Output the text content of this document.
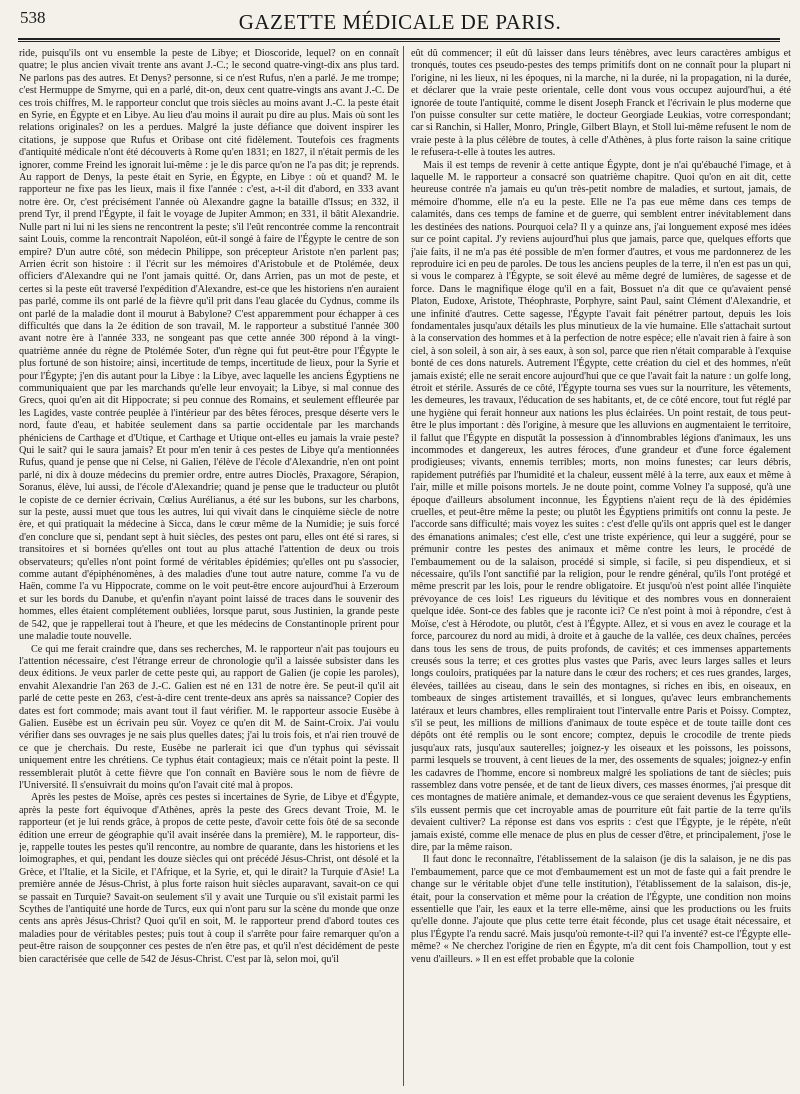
538	GAZETTE MÉDICALE DE PARIS.

ride, puisqu'ils ont vu ensemble la peste de Libye; et Dioscoride, lequel? on en connaît quatre; le plus ancien vivait trente ans avant J.-C.; le second quatre-vingt-dix ans plus tard. Ne parlons pas des autres. Et Denys? personne, si ce n'est Rufus, n'en a parlé. Je me trompe; c'est Hermuppe de Smyrne, qui en a parlé, dit-on, deux cent quatre-vingts ans avant J.-C. De ces trois chiffres, M. le rapporteur conclut que trois siècles au moins avant J.-C. la peste était en Syrie, en Égypte et en Libye. Au lieu d'au moins il aurait pu dire au plus. Mais où sont les relations originales? on les a perdues. Malgré la juste défiance que doivent inspirer les citations, je suppose que Rufus et Oribase ont cité fidèlement. Toutefois ces fragments d'antiquité médicale n'ont été découverts à Rome qu'en 1831; en 1827, il n'était permis de les ignorer, comme Freind les ignorait lui-même : je le dis parce qu'on ne l'a pas dit; je reprends. Au rapport de Denys, la peste était en Syrie, en Égypte, en Libye : où et quand? M. le rapporteur ne fixe pas les lieux, mais il fixe l'année : c'est, a-t-il dit d'abord, en 333 avant notre ère. Or, c'est précisément l'année où Alexandre gagne la bataille d'Issus; en 332, il prend Tyr, il prend l'Égypte, il fait le voyage de Jupiter Ammon; en 331, il bâtit Alexandrie. Nulle part ni lui ni les siens ne rencontrent la peste; s'il l'eût rencontrée comme la rencontrait saint Louis, comme la rencontrait Napoléon, eût-il songé à faire de l'Égypte le centre de son empire? D'un autre côté, son médecin Philippe, son précepteur Aristote n'en parlent pas; Arrien écrit son histoire : il l'écrit sur les mémoires d'Aristobule et de Ptolémée, deux officiers d'Alexandre qui ne l'ont jamais quitté. Or, dans Arrien, pas un mot de peste, et certes si la peste eût traversé l'expédition d'Alexandre, est-ce que les historiens n'en auraient pas parlé, comme ils ont parlé de la fièvre qu'il prit dans l'eau glacée du Cydnus, comme ils ont parlé de la maladie dont il mourut à Babylone? C'est apparemment pour échapper à ces difficultés que dans la 2e édition de son travail, M. le rapporteur a substitué l'année 300 avant notre ère à l'année 333, ne songeant pas que cette année 300 répond à la vingt-quatrième année du règne de Ptolémée Soter, d'un règne qui fut peut-être pour l'Égypte le plus fortuné de son histoire; ainsi, incertitude de temps, incertitude de lieux, pour la Syrie et pour l'Égypte; j'en dis autant pour la Libye : la Libye, avec laquelle les anciens Égyptiens ne communiquaient que par les marchands qu'elle leur envoyait; la Libye, si mal connue des Grecs, quoi qu'en ait dit Hippocrate; si peu connue des Romains, et seulement effleurée par les Lagides, vaste contrée peuplée à l'intérieur par des bêtes féroces, presque déserte vers le nord, faute d'eau, et habitée seulement dans sa partie occidentale par les marchands phéniciens de Carthage et d'Utique, et Carthage et Utique ont-elles eu jamais la vraie peste? Qui le sait? qui le saura jamais? Et pour m'en tenir à ces pestes de Libye qu'a mentionnées Rufus, quand je pense que ni Celse, ni Galien, l'élève de l'école d'Alexandrie, n'en ont point parlé, ni dix à douze médecins du premier ordre, entre autres Dioclès, Praxagore, Sérapion, Soranus, élève, lui aussi, de l'école d'Alexandrie; quand je pense que le traducteur ou plutôt le copiste de ce dernier écrivain, Cœlius Aurélianus, a été sur les bubons, sur les charbons, sur la peste, aussi muet que tous les autres, lui qui vivait dans le cinquième siècle de notre ère, et qui pratiquait la médecine à Sicca, dans le cœur même de la Numidie; je suis forcé d'en conclure que si, pendant sept à huit siècles, des pestes ont paru, elles ont été si rares, si transitoires et si bornées qu'elles ont tout au plus attaché l'attention de deux ou trois observateurs; qu'elles n'ont point formé de véritables épidémies; qu'elles ont pu s'associer, comme autant d'épiphénomènes, à des maladies d'une tout autre nature, comme l'a vu de Haën, comme l'a vu Hippocrate, comme on le voit peut-être encore aujourd'hui à Erzeroum et sur les bords du Danube, et qu'enfin n'ayant point laissé de traces dans le souvenir des hommes, elles étaient complétement oubliées, lorsque parut, sous Justinien, la grande peste de 542, que je rappellerai tout à l'heure, et que les médecins de Constantinople prirent pour une maladie toute nouvelle.

Ce qui me ferait craindre que, dans ses recherches, M. le rapporteur n'ait pas toujours eu l'attention nécessaire, c'est l'étrange erreur de chronologie qu'il a laissée subsister dans les deux éditions. Je veux parler de cette peste qui, au rapport de Galien (je copie les paroles), envahit Alexandrie l'an 263 de J.-C. Galien est né en 131 de notre ère. Se peut-il qu'il ait parlé de cette peste en 263, c'est-à-dire cent trente-deux ans après sa naissance? Copier des dates est fort commode; mais avant tout il faut vérifier. M. le rapporteur associe Eusèbe à Galien. Eusèbe est un écrivain peu sûr. Voyez ce qu'en dit M. de Saint-Croix. J'ai voulu vérifier dans ses ouvrages je ne sais plus quelles dates; j'ai lu trois fois, et n'ai rien trouvé de ce que je cherchais. Du reste, Eusèbe ne parlerait ici que d'un typhus qui sévissait uniquement entre les chrétiens. Ce typhus était contagieux; mais ce n'était point la peste. Il ressemblerait plutôt à cette fièvre que l'on connaît en Bavière sous le nom de fièvre de l'Université. Il s'ensuivrait du moins qu'on l'avait cité mal à propos.

Après les pestes de Moïse, après ces pestes si incertaines de Syrie, de Libye et d'Égypte, après la peste fort équivoque d'Athènes, après la peste des Grecs devant Troie, M. le rapporteur (et je lui rends grâce, à propos de cette peste, d'avoir cette fois ôté de sa seconde édition une erreur de géographie qu'il avait insérée dans la première), M. le rapporteur, dis-je, rappelle toutes les pestes qu'il rencontre, au nombre de quarante, dans les historiens et les loimographes, et qui, pendant les douze siècles qui ont précédé Jésus-Christ, ont désolé et la Grèce, et l'Italie, et la Sicile, et l'Afrique, et la Syrie, et, qui le dirait? la Turquie d'Asie! La première année de Jésus-Christ, à plus forte raison huit siècles auparavant, savait-on ce qui se passait en Turquie? Savait-on seulement s'il y avait une Turquie ou s'il existait parmi les Scythes de l'antiquité une horde de Turcs, eux qui n'ont paru sur la scène du monde que onze cents ans après Jésus-Christ? Quoi qu'il en soit, M. le rapporteur prend d'abord toutes ces maladies pour de véritables pestes; puis tout à coup il s'arrête pour faire remarquer qu'on a peut-être raison de soupçonner ces pestes de n'en être pas, et qu'il n'est décidément de peste bien caractérisée que celle de 542 de Jésus-Christ. C'est par là, selon moi, qu'il

eût dû commencer; il eût dû laisser dans leurs ténèbres, avec leurs caractères ambigus et tronqués, toutes ces pseudo-pestes des temps primitifs dont on ne connaît pour la plupart ni l'origine, ni les lieux, ni les époques, ni la marche, ni la durée, ni la propagation, ni la durée, et déclarer que la vraie peste orientale, celle dont vous vous occupez aujourd'hui, a été ignorée de toute l'antiquité, comme le disent Joseph Franck et l'écrivain le plus moderne que l'on puisse consulter sur cette matière, le docteur Georgiade Leukias, votre correspondant; car si Ranchin, si Haller, Monro, Pringle, Gilbert Blayn, et Stoll lui-même refusent le nom de vraie peste à la plus célèbre de toutes, à celle d'Athènes, à plus forte raison la saine critique le refusera-t-elle à toutes les autres.

Mais il est temps de revenir à cette antique Égypte, dont je n'ai qu'ébauché l'image, et à laquelle M. le rapporteur a consacré son quatrième chapitre. Quoi qu'on en ait dit, cette heureuse contrée n'a jamais eu qu'un très-petit nombre de maladies, et surtout, jamais, de mémoire d'homme, elle n'a eu la peste. Elle ne l'a pas eue même dans ces temps de calamités, dans ces temps de famine et de guerre, qui semblent entrer inévitablement dans les destinées des nations. Pourquoi cela? Il y a quinze ans, j'ai longuement exposé mes idées sur ce point capital. J'y reviens aujourd'hui plus que jamais, parce que, quelques efforts que j'aie faits, il ne m'a pas été possible de m'en former d'autres, et vous me pardonnerez de les reproduire ici en peu de paroles. De tous les anciens peuples de la terre, il n'en est pas un qui, si vous le comparez à l'Égypte, se soit élevé au même degré de lumières, de sagesse et de force. Dans le magnifique éloge qu'il en a fait, Bossuet n'a dit que ce qu'avaient pensé Platon, Eudoxe, Aristote, Théophraste, Porphyre, saint Paul, saint Clément d'Alexandrie, et une infinité d'autres. Cette sagesse, l'Égypte l'avait fait pénétrer partout, depuis les lois fondamentales jusqu'aux détails les plus minutieux de la vie humaine. Elle s'attachait surtout à la conservation des hommes et à la perfection de notre espèce; elle n'avait rien à faire à son ciel, à son soleil, à son air, à ses eaux, à son sol, parce que rien n'était comparable à l'exquise bonté de ces dons naturels. Autrement l'Égypte, cette création du ciel et des hommes, n'eût jamais existé; elle ne serait encore aujourd'hui que ce que l'avait fait la nature : un golfe long, étroit et stérile. Assurés de ce côté, l'Égypte tourna ses vues sur la nourriture, les vêtements, les demeures, les travaux, l'éducation de ses habitants, et, de ce côté encore, tout fut réglé par une hygiène qui ferait honneur aux nations les plus éclairées. Un point restait, de tous peut-être le plus important : dès l'origine, à mesure que les alluvions en augmentaient le territoire, il fallut que l'Égypte en disputât la possession à d'innombrables légions d'animaux, les uns incommodes et dangereux, les autres féroces, d'une grandeur et d'une force également prodigieuses; vivants, ennemis terribles; morts, non moins funestes; car leurs débris, rapidement putréfiés par l'humidité et la chaleur, eussent mêlé à la terre, aux eaux et même à l'air, mille et mille poisons mortels. Je ne doute point, comme Volney l'a supposé, qu'à une époque d'ailleurs absolument inconnue, les Égyptiens n'aient reçu de là des épidémies cruelles, et peut-être même la peste; ou plutôt les Égyptiens primitifs ont connu la peste. Je l'accorde sans difficulté; mais voyez les suites : c'est d'elle qu'ils ont appris quel est le danger des émanations animales; c'est elle, c'est une triste expérience, qui leur a suggéré, pour se prémunir contre les pestes des animaux et même contre les leurs, le procédé de l'embaumement ou de la salaison, procédé si simple, si facile, si peu dispendieux, et si nécessaire, qu'ils l'ont sanctifié par la religion, pour le rendre général, qu'ils l'ont protégé et même prescrit par les lois, pour le rendre obligatoire. Et jusqu'où n'est point allée l'inquiète prévoyance de ces lois! Les rigueurs du lévitique et des nombres vous en donneraient quelque idée. Sont-ce des fables que je raconte ici? Ce n'est point à moi à répondre, c'est à Moïse, c'est à Hérodote, ou plutôt, c'est à l'Égypte. Allez, et si vous en avez le courage et la force, parcourez du nord au midi, à droite et à gauche de la vallée, ces deux chaînes, percées dans tous les sens de trous, de puits profonds, de cavités; et ces immenses appartements creusés sous la terre; et ces grottes plus vastes que Paris, avec leurs larges salles et leurs longs couloirs, pratiquées par la nature dans le cœur des rochers; et ces rues grandes, larges, élevées, taillées au ciseau, dans le sein des montagnes, si riches en ibis, en oiseaux, en tombeaux de singes artistement travaillés, et si longues, qu'avec leurs embranchements latéraux et leurs chambres, elles rempliraient tout l'intervalle entre Paris et Poissy. Comptez, s'il se peut, les millions de millions d'animaux de toute espèce et de toute taille dont ces dépôts ont été remplis ou le sont encore; comptez, depuis le crocodile de trente pieds jusqu'aux rats, jusqu'aux sauterelles; joignez-y les oiseaux et les poissons, les poissons, parmi lesquels se trouvent, à cent lieues de la mer, des ossements de squales; joignez-y enfin les cadavres de l'homme, encore si nombreux malgré les spoliations de tant de siècles; puis rassemblez dans votre pensée, et de tant de lieux divers, ces masses énormes, j'ai presque dit ces montagnes de matière animale, et demandez-vous ce que seraient devenus les Égyptiens, s'ils eussent permis que cet incroyable amas de pourriture eût fait partie de la terre qu'ils devaient cultiver? La réponse est dans vos esprits : c'est que l'Égypte, je le répète, n'eût jamais existé, comme elle menace de plus en plus de cesser d'être, et principalement, j'ose le dire, par la même raison.

Il faut donc le reconnaître, l'établissement de la salaison (je dis la salaison, je ne dis pas l'embaumement, parce que ce mot d'embaumement est un mot de faste qui a fait prendre le change sur le véritable objet d'une telle institution), l'établissement de la salaison, dis-je, était, pour la conservation et même pour la création de l'Égypte, une condition non moins essentielle que l'air, les eaux et la terre elle-même, ainsi que les productions ou les fruits qu'elle donne. J'ajoute que plus cette terre était féconde, plus cet usage était nécessaire, et plus l'Égypte l'a rendu sacré. Mais jusqu'où remonte-t-il? qui l'a inventé? est-ce l'Égypte elle-même? « Ne cherchez l'origine de rien en Égypte, m'a dit cent fois Champollion, tout y est venu d'ailleurs. » Il en est effet probable que la colonie
